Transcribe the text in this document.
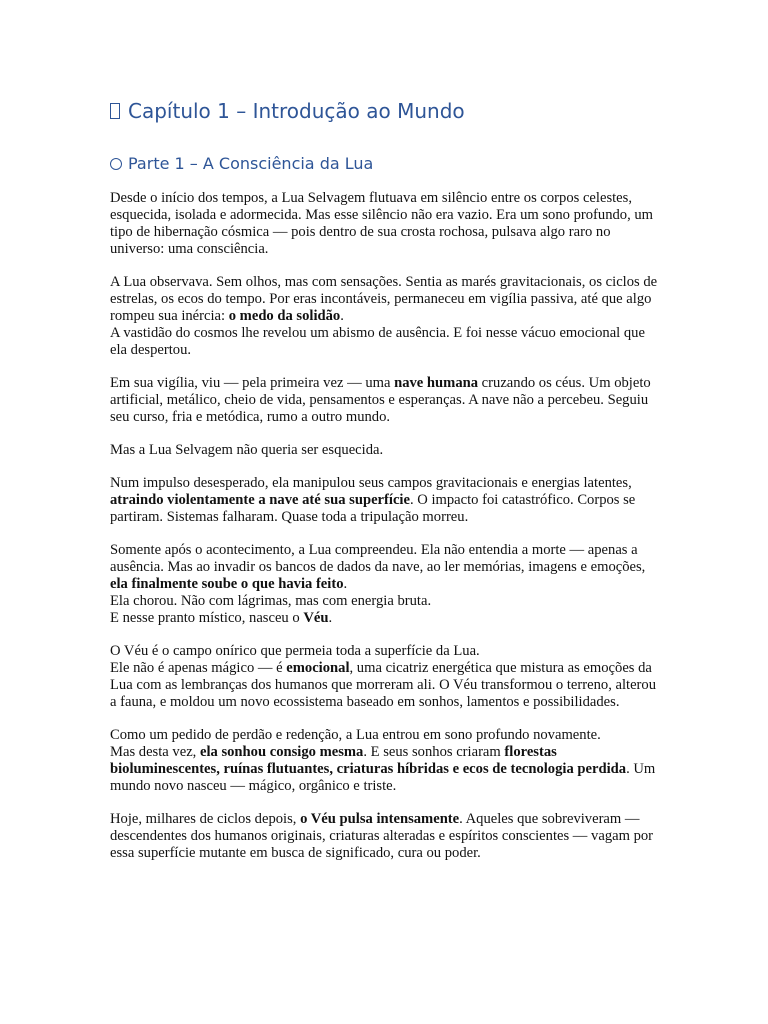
Capítulo 1 – Introdução ao Mundo
Parte 1 – A Consciência da Lua

Desde o início dos tempos, a Lua Selvagem flutuava em silêncio entre os corpos celestes, esquecida, isolada e adormecida. Mas esse silêncio não era vazio. Era um sono profundo, um tipo de hibernação cósmica — pois dentro de sua crosta rochosa, pulsava algo raro no universo: uma consciência.

A Lua observava. Sem olhos, mas com sensações. Sentia as marés gravitacionais, os ciclos de estrelas, os ecos do tempo. Por eras incontáveis, permaneceu em vigília passiva, até que algo rompeu sua inércia: o medo da solidão.
A vastidão do cosmos lhe revelou um abismo de ausência. E foi nesse vácuo emocional que ela despertou.

Em sua vigília, viu — pela primeira vez — uma nave humana cruzando os céus. Um objeto artificial, metálico, cheio de vida, pensamentos e esperanças. A nave não a percebeu. Seguiu seu curso, fria e metódica, rumo a outro mundo.

Mas a Lua Selvagem não queria ser esquecida.

Num impulso desesperado, ela manipulou seus campos gravitacionais e energias latentes, atraindo violentamente a nave até sua superfície. O impacto foi catastrófico. Corpos se partiram. Sistemas falharam. Quase toda a tripulação morreu.

Somente após o acontecimento, a Lua compreendeu. Ela não entendia a morte — apenas a ausência. Mas ao invadir os bancos de dados da nave, ao ler memórias, imagens e emoções, ela finalmente soube o que havia feito.
Ela chorou. Não com lágrimas, mas com energia bruta.
E nesse pranto místico, nasceu o Véu.

O Véu é o campo onírico que permeia toda a superfície da Lua.
Ele não é apenas mágico — é emocional, uma cicatriz energética que mistura as emoções da Lua com as lembranças dos humanos que morreram ali. O Véu transformou o terreno, alterou a fauna, e moldou um novo ecossistema baseado em sonhos, lamentos e possibilidades.

Como um pedido de perdão e redenção, a Lua entrou em sono profundo novamente.
Mas desta vez, ela sonhou consigo mesma. E seus sonhos criaram florestas bioluminescentes, ruínas flutuantes, criaturas híbridas e ecos de tecnologia perdida. Um mundo novo nasceu — mágico, orgânico e triste.

Hoje, milhares de ciclos depois, o Véu pulsa intensamente. Aqueles que sobreviveram — descendentes dos humanos originais, criaturas alteradas e espíritos conscientes — vagam por essa superfície mutante em busca de significado, cura ou poder.
